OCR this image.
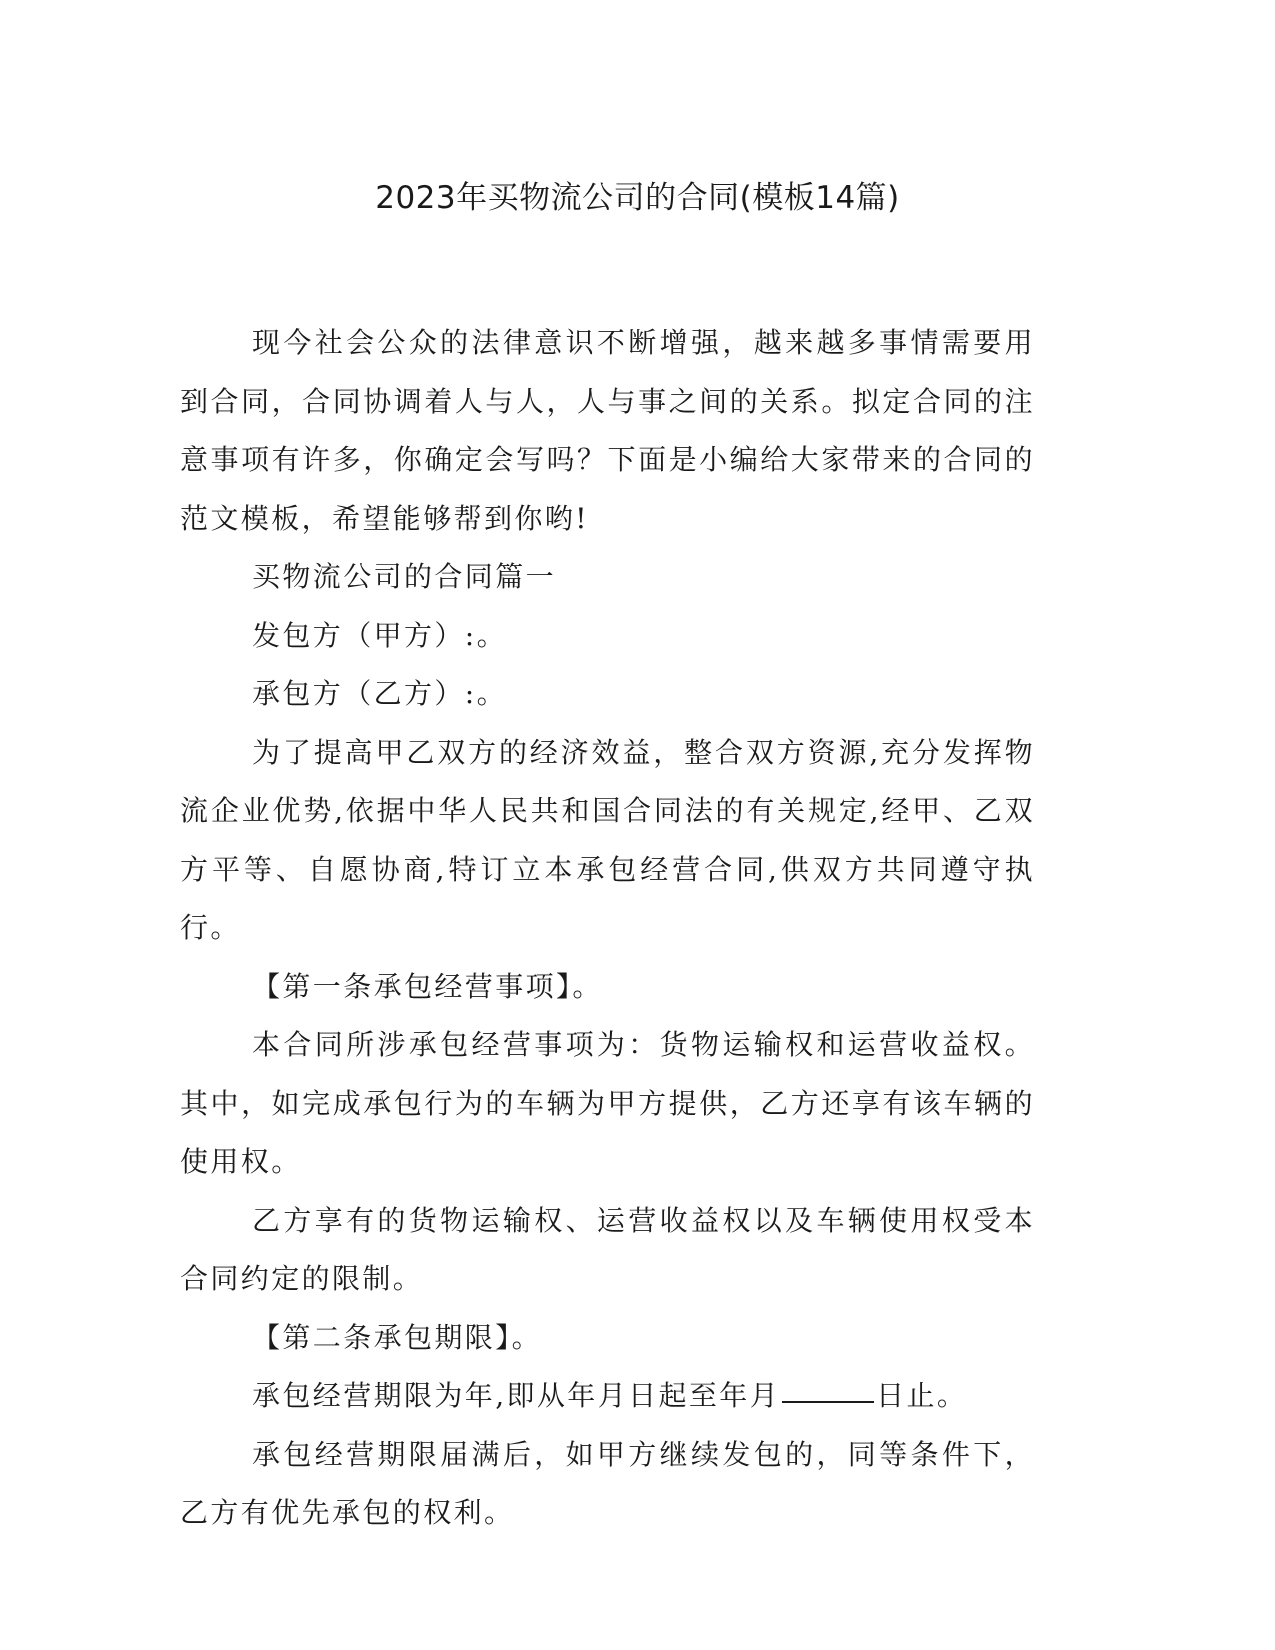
2023年买物流公司的合同(模板14篇)

现今社会公众的法律意识不断增强，越来越多事情需要用到合同，合同协调着人与人，人与事之间的关系。拟定合同的注意事项有许多，你确定会写吗？下面是小编给大家带来的合同的范文模板，希望能够帮到你哟!

买物流公司的合同篇一

发包方（甲方）:。

承包方（乙方）:。

为了提高甲乙双方的经济效益，整合双方资源,充分发挥物流企业优势,依据中华人民共和国合同法的有关规定,经甲、乙双方平等、自愿协商,特订立本承包经营合同,供双方共同遵守执行。

【第一条承包经营事项】。

本合同所涉承包经营事项为：货物运输权和运营收益权。其中，如完成承包行为的车辆为甲方提供，乙方还享有该车辆的使用权。

乙方享有的货物运输权、运营收益权以及车辆使用权受本合同约定的限制。

【第二条承包期限】。

承包经营期限为年,即从年月日起至年月	日止。

承包经营期限届满后，如甲方继续发包的，同等条件下，乙方有优先承包的权利。
